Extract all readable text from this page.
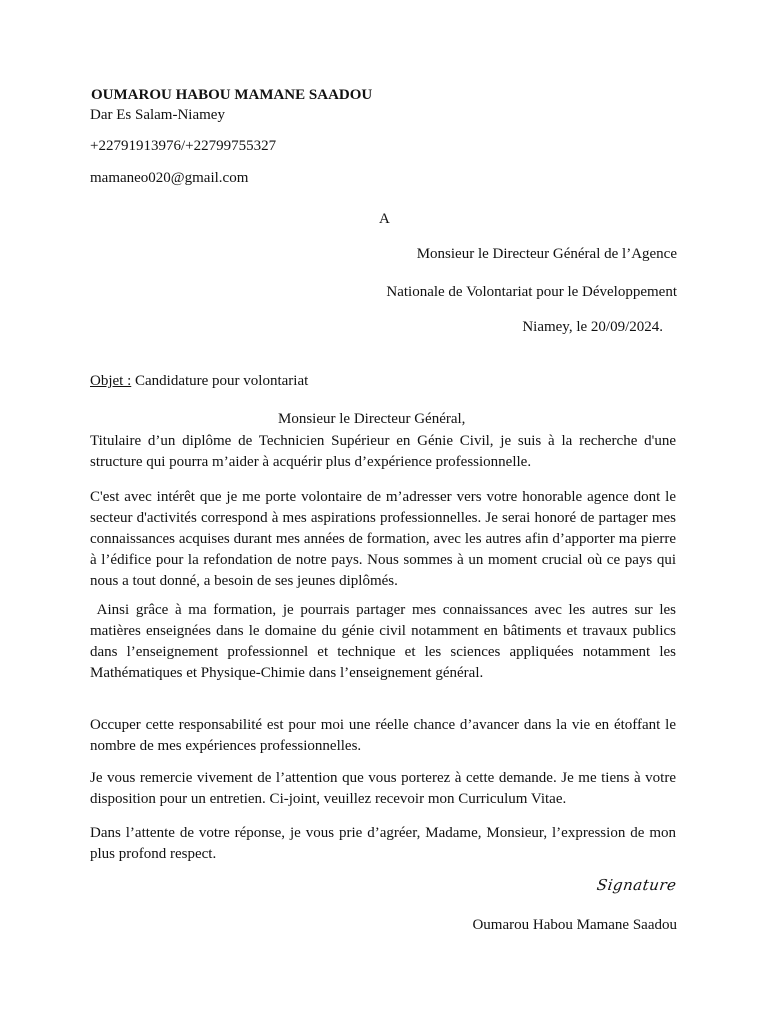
OUMAROU HABOU MAMANE SAADOU
Dar Es Salam-Niamey
+22791913976/+22799755327
mamaneo020@gmail.com
A
Monsieur le Directeur Général de l’Agence
Nationale de Volontariat pour le Développement
Niamey, le 20/09/2024.
Objet : Candidature pour volontariat
Monsieur le Directeur Général,

Titulaire d’un diplôme de Technicien Supérieur en Génie Civil, je suis à la recherche d'une structure qui pourra m’aider à acquérir plus d’expérience professionnelle.

C'est avec intérêt que je me porte volontaire de m’adresser vers votre honorable agence dont le secteur d'activités correspond à mes aspirations professionnelles. Je serai honoré de partager mes connaissances acquises durant mes années de formation, avec les autres afin d’apporter ma pierre à l’édifice pour la refondation de notre pays. Nous sommes à un moment crucial où ce pays qui nous a tout donné, a besoin de ses jeunes diplômés.

Ainsi grâce à ma formation, je pourrais partager mes connaissances avec les autres sur les matières enseignées dans le domaine du génie civil notamment en bâtiments et travaux publics dans l’enseignement professionnel et technique et les sciences appliquées notamment les Mathématiques et Physique-Chimie dans l’enseignement général.

Occuper cette responsabilité est pour moi une réelle chance d’avancer dans la vie en étoffant le nombre de mes expériences professionnelles.

Je vous remercie vivement de l’attention que vous porterez à cette demande. Je me tiens à votre disposition pour un entretien. Ci-joint, veuillez recevoir mon Curriculum Vitae.

Dans l’attente de votre réponse, je vous prie d’agréer, Madame, Monsieur, l’expression de mon plus profond respect.

Signature
Oumarou Habou Mamane Saadou
